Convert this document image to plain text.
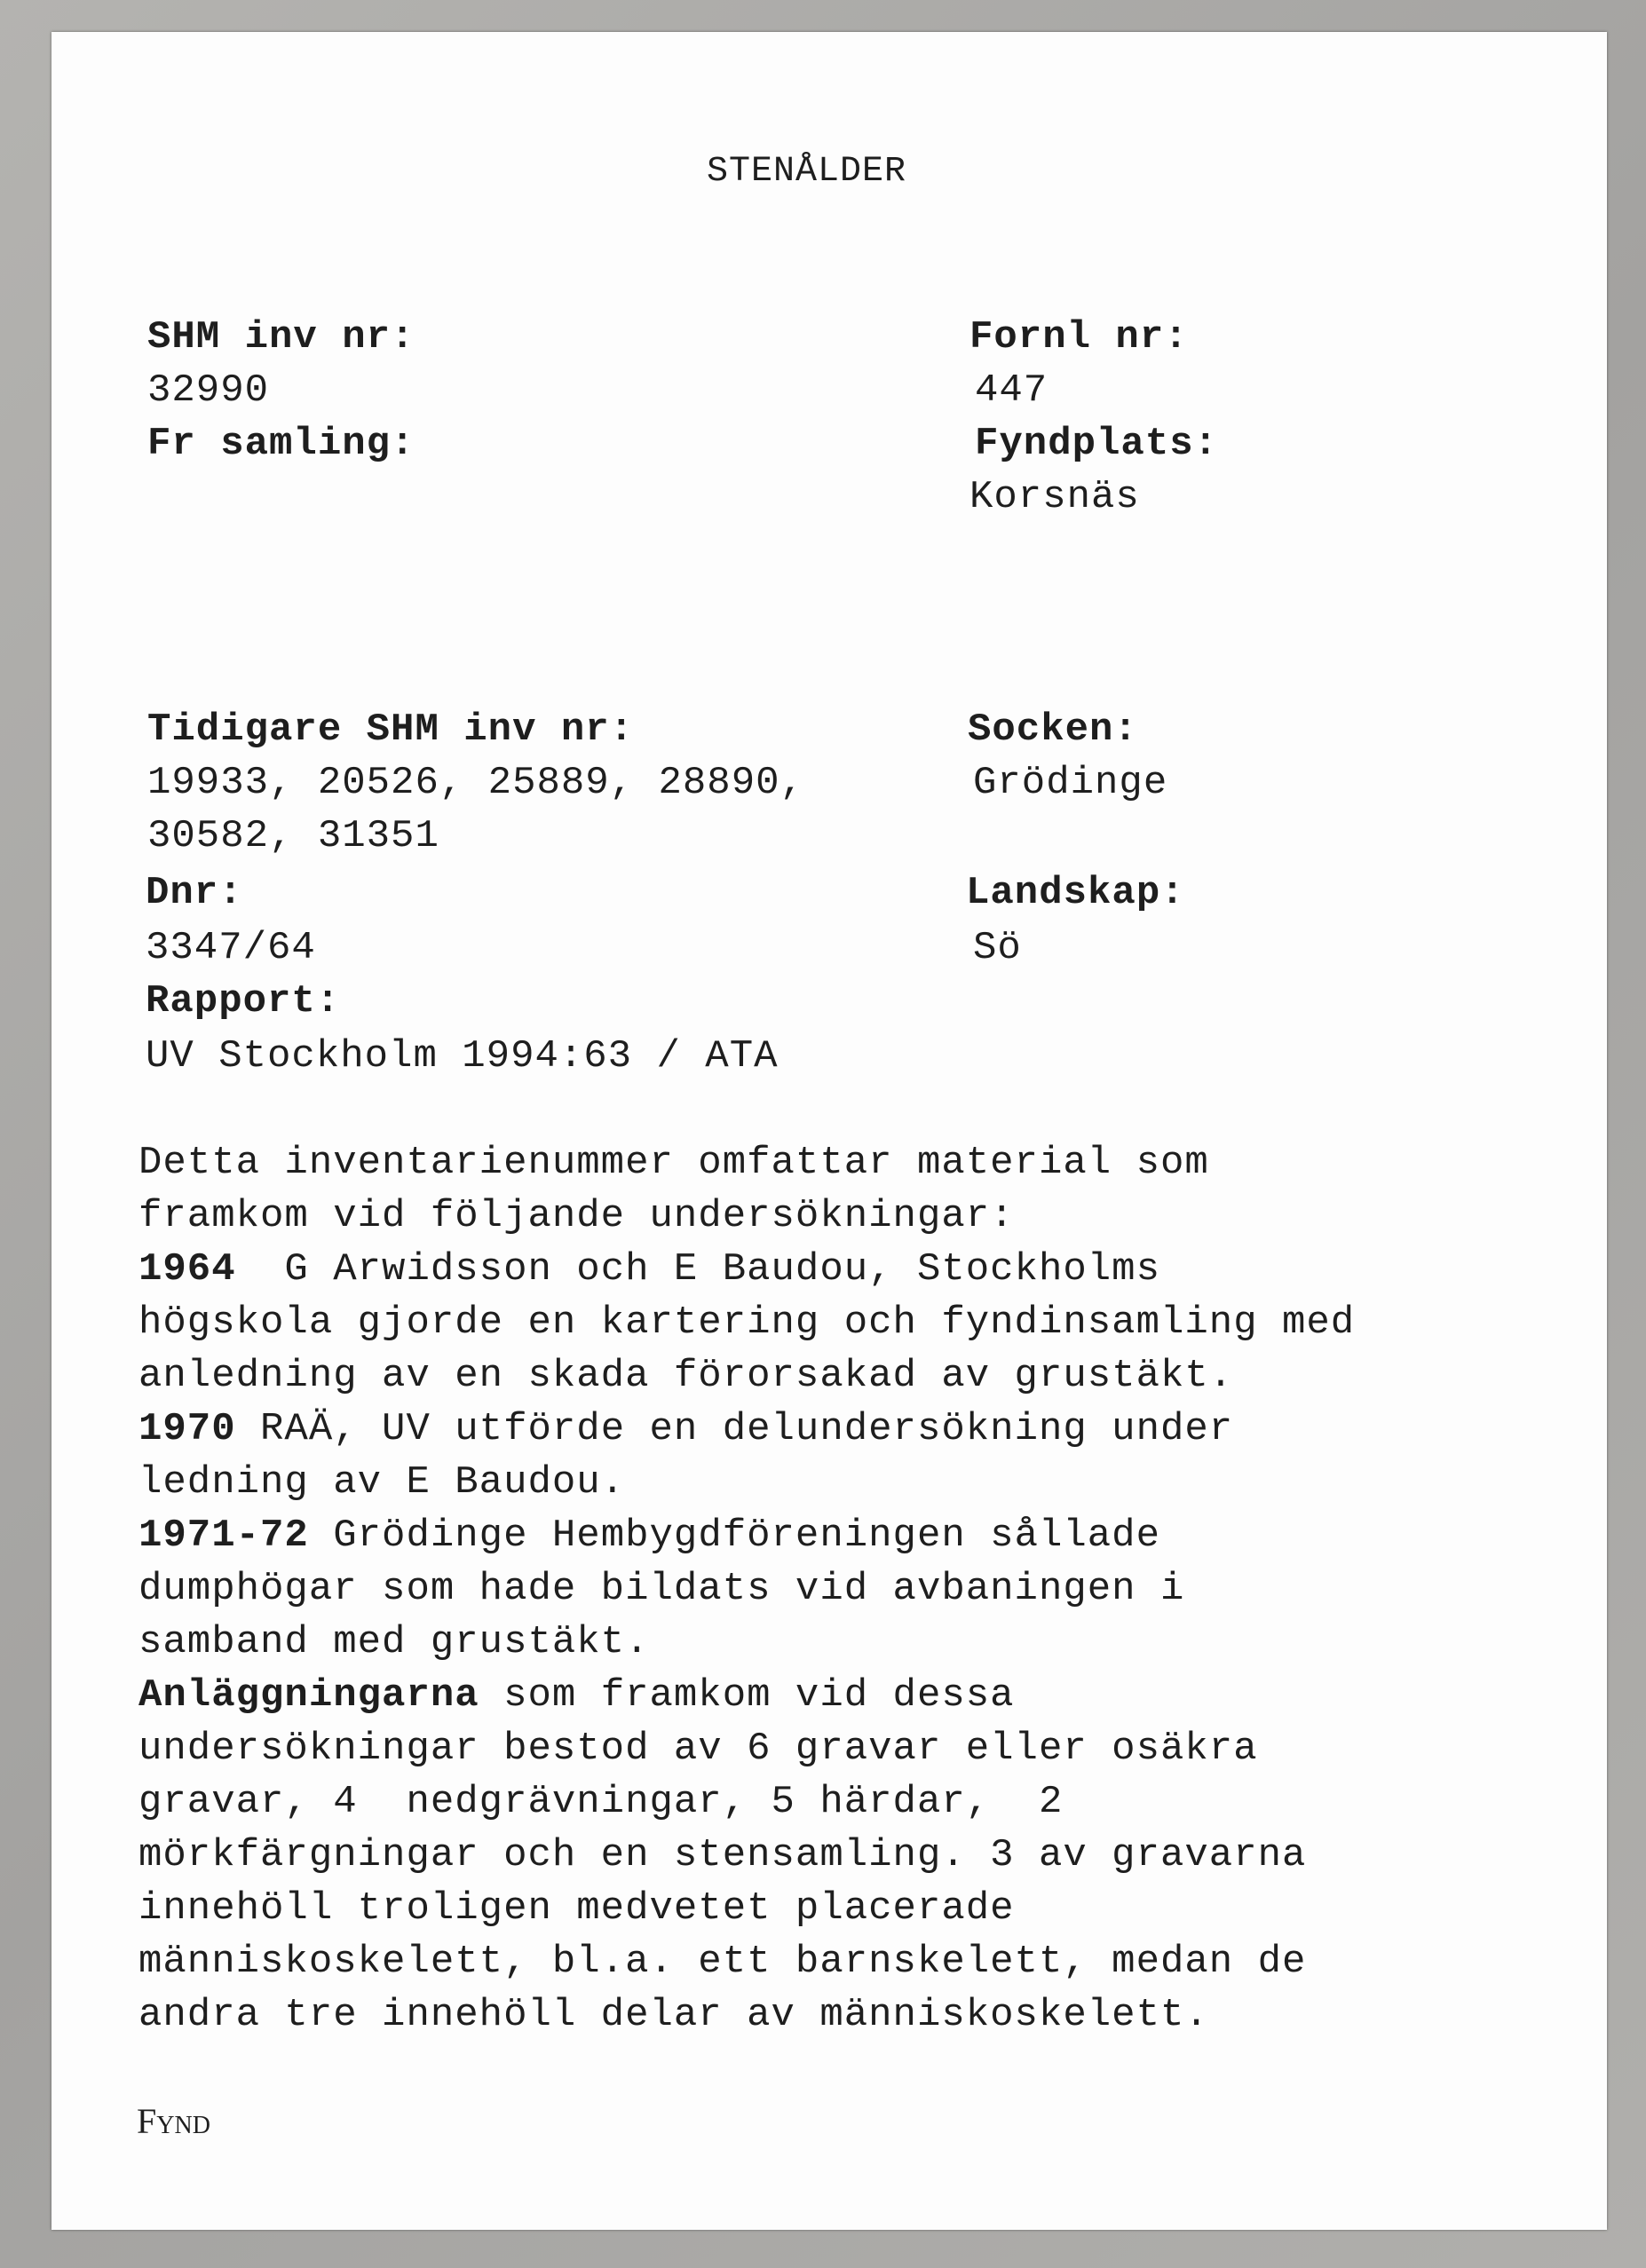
STENÅLDER
SHM inv nr:
32990
Fr samling:
Fornl nr:
447
Fyndplats:
Korsnäs
Tidigare SHM inv nr:
19933, 20526, 25889, 28890,
30582, 31351
Dnr:
3347/64
Rapport:
UV Stockholm 1994:63 / ATA
Socken:
Grödinge
Landskap:
Sö
Detta inventarienummer omfattar material som
framkom vid följande undersökningar:
1964  G Arwidsson och E Baudou, Stockholms
högskola gjorde en kartering och fyndinsamling med
anledning av en skada förorsakad av grustäkt.
1970 RAÄ, UV utförde en delundersökning under
ledning av E Baudou.
1971-72 Grödinge Hembygdföreningen sållade
dumphögar som hade bildats vid avbaningen i
samband med grustäkt.
Anläggningarna som framkom vid dessa
undersökningar bestod av 6 gravar eller osäkra
gravar, 4  nedgrävningar, 5 härdar,  2
mörkfärgningar och en stensamling. 3 av gravarna
innehöll troligen medvetet placerade
människoskelett, bl.a. ett barnskelett, medan de
andra tre innehöll delar av människoskelett.
Fynd
